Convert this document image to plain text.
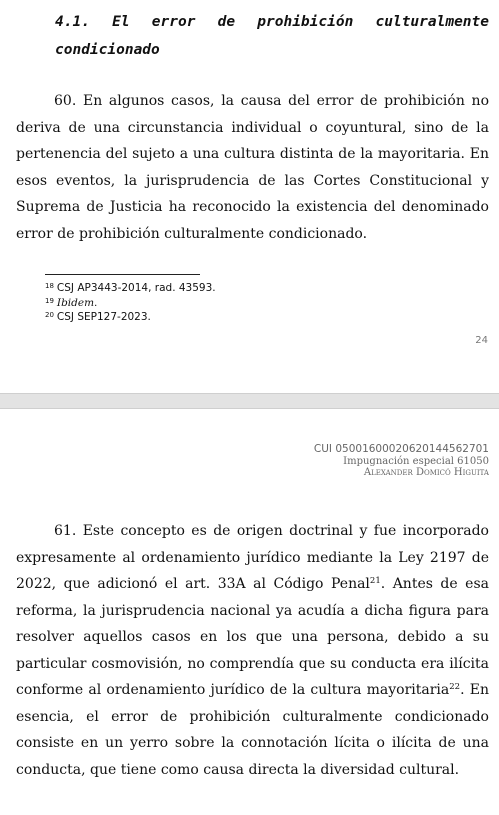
4.1. El error de prohibición culturalmente condicionado

60. En algunos casos, la causa del error de prohibición no deriva de una circunstancia individual o coyuntural, sino de la pertenencia del sujeto a una cultura distinta de la mayoritaria. En esos eventos, la jurisprudencia de las Cortes Constitucional y Suprema de Justicia ha reconocido la existencia del denominado error de prohibición culturalmente condicionado.

$^{18}$ CSJ AP3443-2014, rad. 43593.
$^{19}$ Ibidem.
$^{20}$ CSJ SEP127-2023.
24
CUI 05001600020620144562701
Impugnación especial 61050
Alexander Domicó Higuita

61. Este concepto es de origen doctrinal y fue incorporado expresamente al ordenamiento jurídico mediante la Ley 2197 de 2022, que adicionó el art. 33A al Código Penal$^{21}$. Antes de esa reforma, la jurisprudencia nacional ya acudía a dicha figura para resolver aquellos casos en los que una persona, debido a su particular cosmovisión, no comprendía que su conducta era ilícita conforme al ordenamiento jurídico de la cultura mayoritaria$^{22}$. En esencia, el error de prohibición culturalmente condicionado consiste en un yerro sobre la connotación lícita o ilícita de una conducta, que tiene como causa directa la diversidad cultural.
